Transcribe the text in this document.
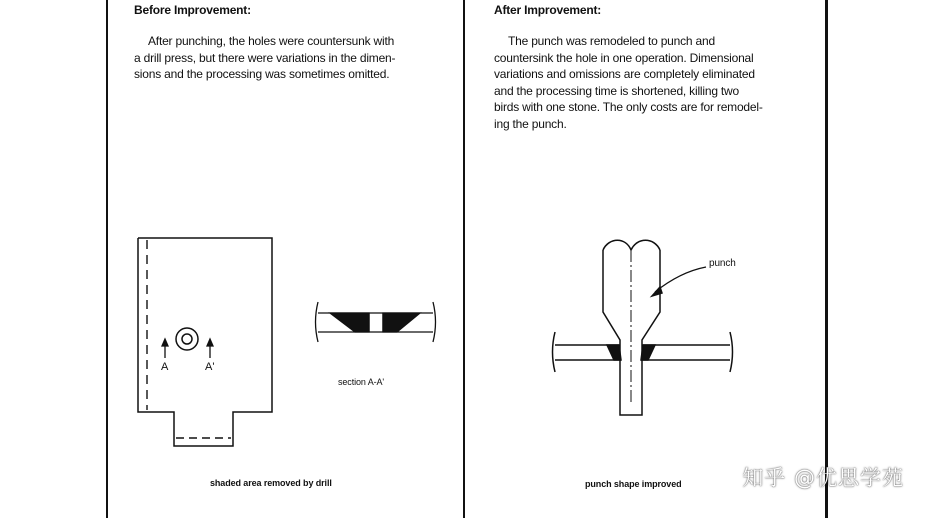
Before Improvement:
After punching, the holes were countersunk with
a drill press, but there were variations in the dimen-
sions and the processing was sometimes omitted.
A	A'
section A-A'
shaded area removed by drill
After Improvement:
The punch was remodeled to punch and
countersink the hole in one operation. Dimensional
variations and omissions are completely eliminated
and the processing time is shortened, killing two
birds with one stone. The only costs are for remodel-
ing the punch.
punch
punch shape improved	知乎 @优思学苑
